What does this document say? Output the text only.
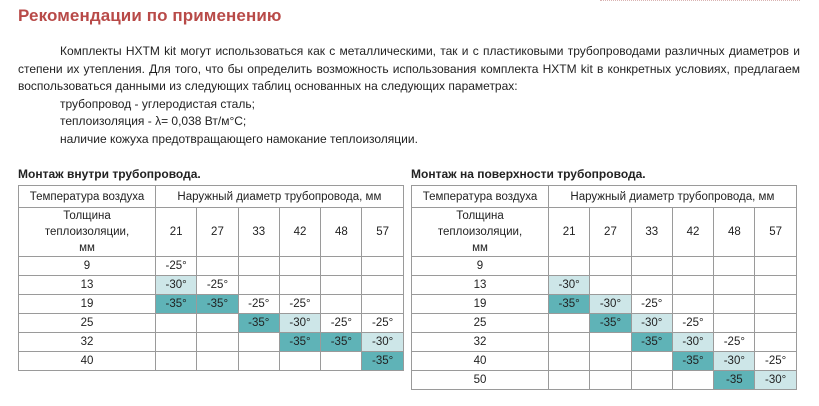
Рекомендации по применению
Комплекты HXTM kit могут использоваться как с металлическими, так и с пластиковыми трубопроводами различных диаметров и степени их утепления. Для того, что бы определить возможность использования комплекта HXTM kit в конкретных условиях, предлагаем воспользоваться данными из следующих таблиц основанных на следующих параметрах:
трубопровод - углеродистая сталь;
теплоизоляция - λ= 0,038 Вт/м°С;
наличие кожуха предотвращающего намокание теплоизоляции.
Монтаж внутри трубопровода.	Монтаж на поверхности трубопровода.
Температура воздуха	Наружный диаметр трубопровода, мм					
Толщина теплоизоляции, мм	21	27	33	42	48	57
9	-25°					
13	-30°	-25°				
19	-35°	-35°	-25°	-25°		
25			-35°	-30°	-25°	-25°
32				-35°	-35°	-30°
40						-35°
Температура воздуха	Наружный диаметр трубопровода, мм					
Толщина теплоизоляции, мм	21	27	33	42	48	57
9						
13	-30°					
19	-35°	-30°	-25°			
25		-35°	-30°	-25°		
32			-35°	-30°	-25°	
40				-35°	-30°	-25°
50					-35	-30°
